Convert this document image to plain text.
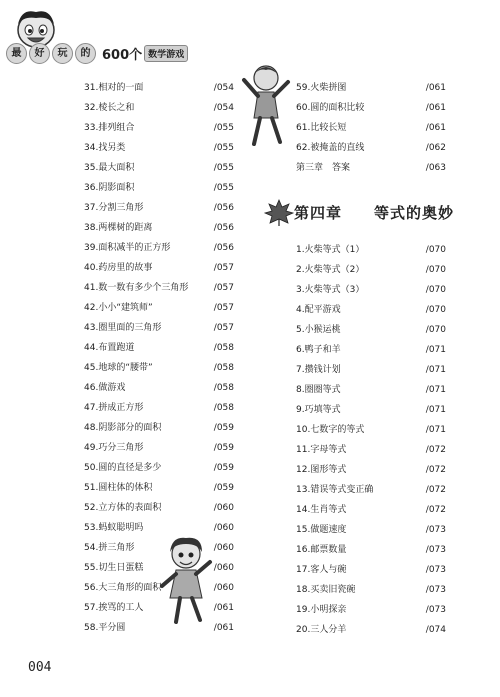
最	好	玩	的 600个 数学游戏
31.相对的一面	/054
32.棱长之和	/054
33.排列组合	/055
34.找另类	/055
35.最大面积	/055
36.阴影面积	/055
37.分割三角形	/056
38.两棵树的距离	/056
39.面积减半的正方形	/056
40.药房里的故事	/057
41.数一数有多少个三角形	/057
42.小小“建筑师”	/057
43.圈里面的三角形	/057
44.布置跑道	/058
45.地球的“腰带”	/058
46.做游戏	/058
47.拼成正方形	/058
48.阴影部分的面积	/059
49.巧分三角形	/059
50.圆的直径是多少	/059
51.圆柱体的体积	/059
52.立方体的表面积	/060
53.蚂蚁聪明吗	/060
54.拼三角形	/060
55.切生日蛋糕	/060
56.大三角形的面积	/060
57.挨骂的工人	/061
58.平分圆	/061
59.火柴拼图	/061
60.圆的面积比较	/061
61.比较长短	/061
62.被掩盖的直线	/062
第三章　答案	/063
第四章 等式的奥妙
1.火柴等式（1）	/070
2.火柴等式（2）	/070
3.火柴等式（3）	/070
4.配平游戏	/070
5.小猴运桃	/070
6.鸭子和羊	/071
7.攒钱计划	/071
8.圈圈等式	/071
9.巧填等式	/071
10.七数字的等式	/071
11.字母等式	/072
12.图形等式	/072
13.错误等式变正确	/072
14.生肖等式	/072
15.做题速度	/073
16.邮票数量	/073
17.客人与碗	/073
18.买卖旧瓷碗	/073
19.小明探亲	/073
20.三人分羊	/074
004
